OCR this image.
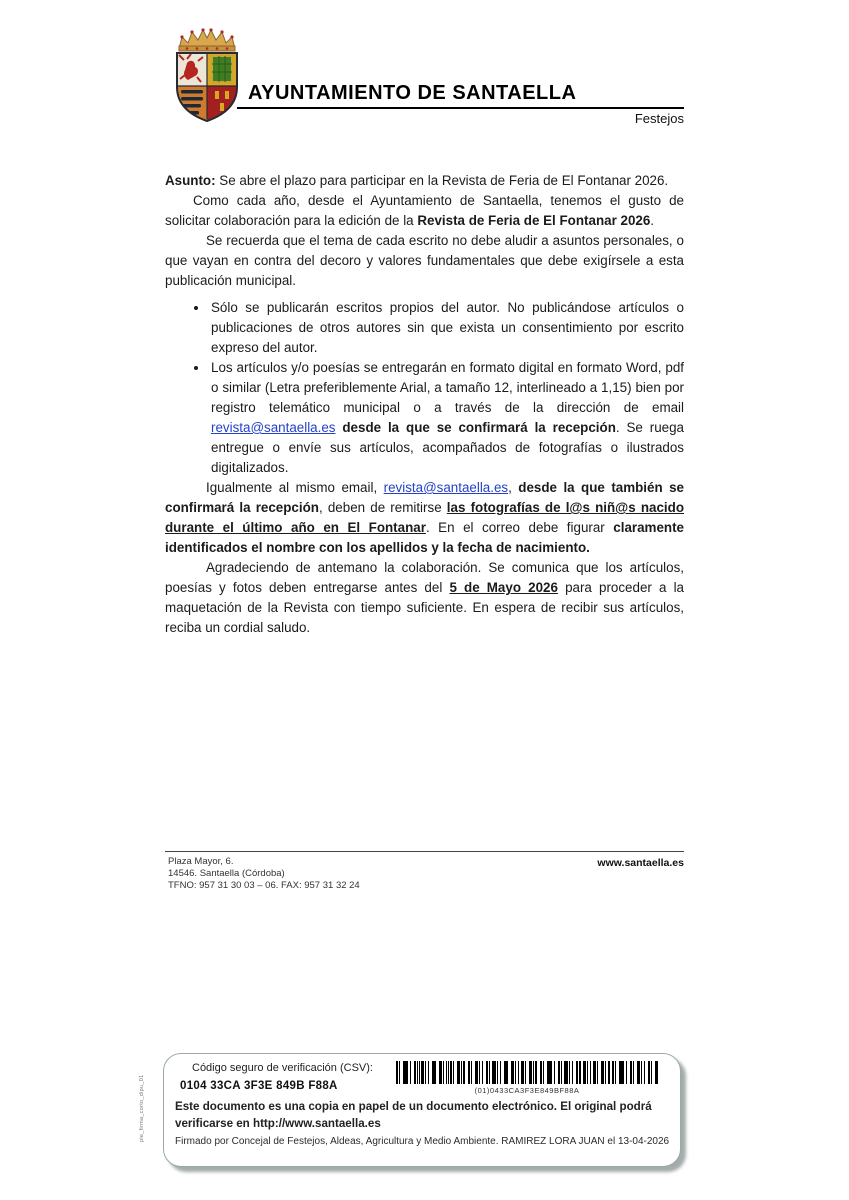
AYUNTAMIENTO DE SANTAELLA
Festejos

Asunto: Se abre el plazo para participar en la Revista de Feria de El Fontanar 2026.

Como cada año, desde el Ayuntamiento de Santaella, tenemos el gusto de solicitar colaboración para la edición de la Revista de Feria de El Fontanar 2026.

Se recuerda que el tema de cada escrito no debe aludir a asuntos personales, o que vayan en contra del decoro y valores fundamentales que debe exigírsele a esta publicación municipal.

• Sólo se publicarán escritos propios del autor. No publicándose artículos o publicaciones de otros autores sin que exista un consentimiento por escrito expreso del autor.
• Los artículos y/o poesías se entregarán en formato digital en formato Word, pdf o similar (Letra preferiblemente Arial, a tamaño 12, interlineado a 1,15) bien por registro telemático municipal o a través de la dirección de email revista@santaella.es desde la que se confirmará la recepción. Se ruega entregue o envíe sus artículos, acompañados de fotografías o ilustrados digitalizados.

Igualmente al mismo email, revista@santaella.es, desde la que también se confirmará la recepción, deben de remitirse las fotografías de l@s niñ@s nacido durante el último año en El Fontanar. En el correo debe figurar claramente identificados el nombre con los apellidos y la fecha de nacimiento.

Agradeciendo de antemano la colaboración. Se comunica que los artículos, poesías y fotos deben entregarse antes del 5 de Mayo 2026 para proceder a la maquetación de la Revista con tiempo suficiente. En espera de recibir sus artículos, reciba un cordial saludo.

Plaza Mayor, 6.
14546. Santaella (Córdoba)
TFNO: 957 31 30 03 – 06. FAX: 957 31 32 24
www.santaella.es
Código seguro de verificación (CSV):
0104 33CA 3F3E 849B F88A	(01)0433CA3F3E849BF88A
Este documento es una copia en papel de un documento electrónico. El original podrá verificarse en http://www.santaella.es
Firmado por Concejal de Festejos, Aldeas, Agricultura y Medio Ambiente. RAMIREZ LORA JUAN el 13-04-2026
pie_firma_corto_dipu_01
